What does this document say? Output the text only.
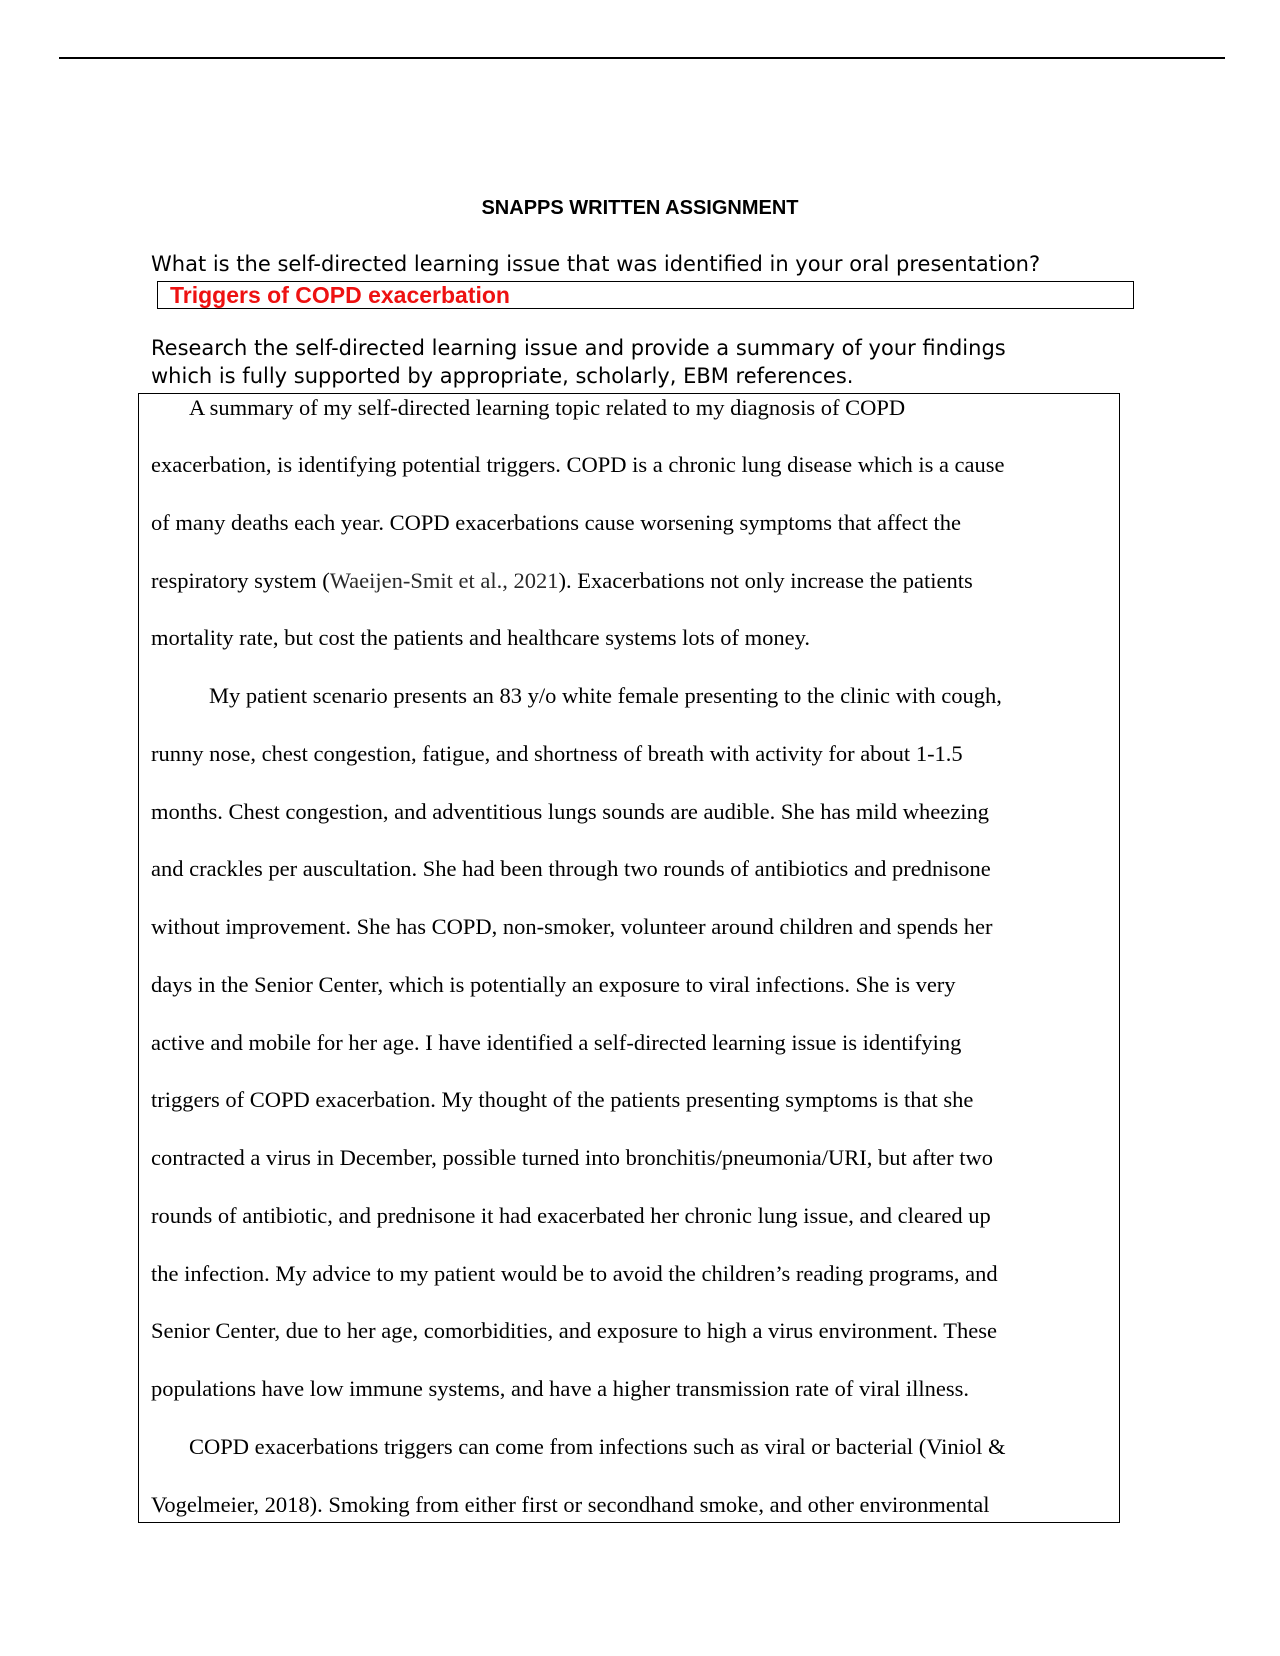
SNAPPS WRITTEN ASSIGNMENT
What is the self-directed learning issue that was identified in your oral presentation?
Triggers of COPD exacerbation
Research the self-directed learning issue and provide a summary of your findings
which is fully supported by appropriate, scholarly, EBM references.
A summary of my self-directed learning topic related to my diagnosis of COPD
exacerbation, is identifying potential triggers. COPD is a chronic lung disease which is a cause
of many deaths each year. COPD exacerbations cause worsening symptoms that affect the
respiratory system (Waeijen-Smit et al., 2021). Exacerbations not only increase the patients
mortality rate, but cost the patients and healthcare systems lots of money.
My patient scenario presents an 83 y/o white female presenting to the clinic with cough,
runny nose, chest congestion, fatigue, and shortness of breath with activity for about 1-1.5
months. Chest congestion, and adventitious lungs sounds are audible. She has mild wheezing
and crackles per auscultation. She had been through two rounds of antibiotics and prednisone
without improvement. She has COPD, non-smoker, volunteer around children and spends her
days in the Senior Center, which is potentially an exposure to viral infections. She is very
active and mobile for her age. I have identified a self-directed learning issue is identifying
triggers of COPD exacerbation. My thought of the patients presenting symptoms is that she
contracted a virus in December, possible turned into bronchitis/pneumonia/URI, but after two
rounds of antibiotic, and prednisone it had exacerbated her chronic lung issue, and cleared up
the infection. My advice to my patient would be to avoid the children’s reading programs, and
Senior Center, due to her age, comorbidities, and exposure to high a virus environment. These
populations have low immune systems, and have a higher transmission rate of viral illness.
COPD exacerbations triggers can come from infections such as viral or bacterial (Viniol &
Vogelmeier, 2018). Smoking from either first or secondhand smoke, and other environmental
